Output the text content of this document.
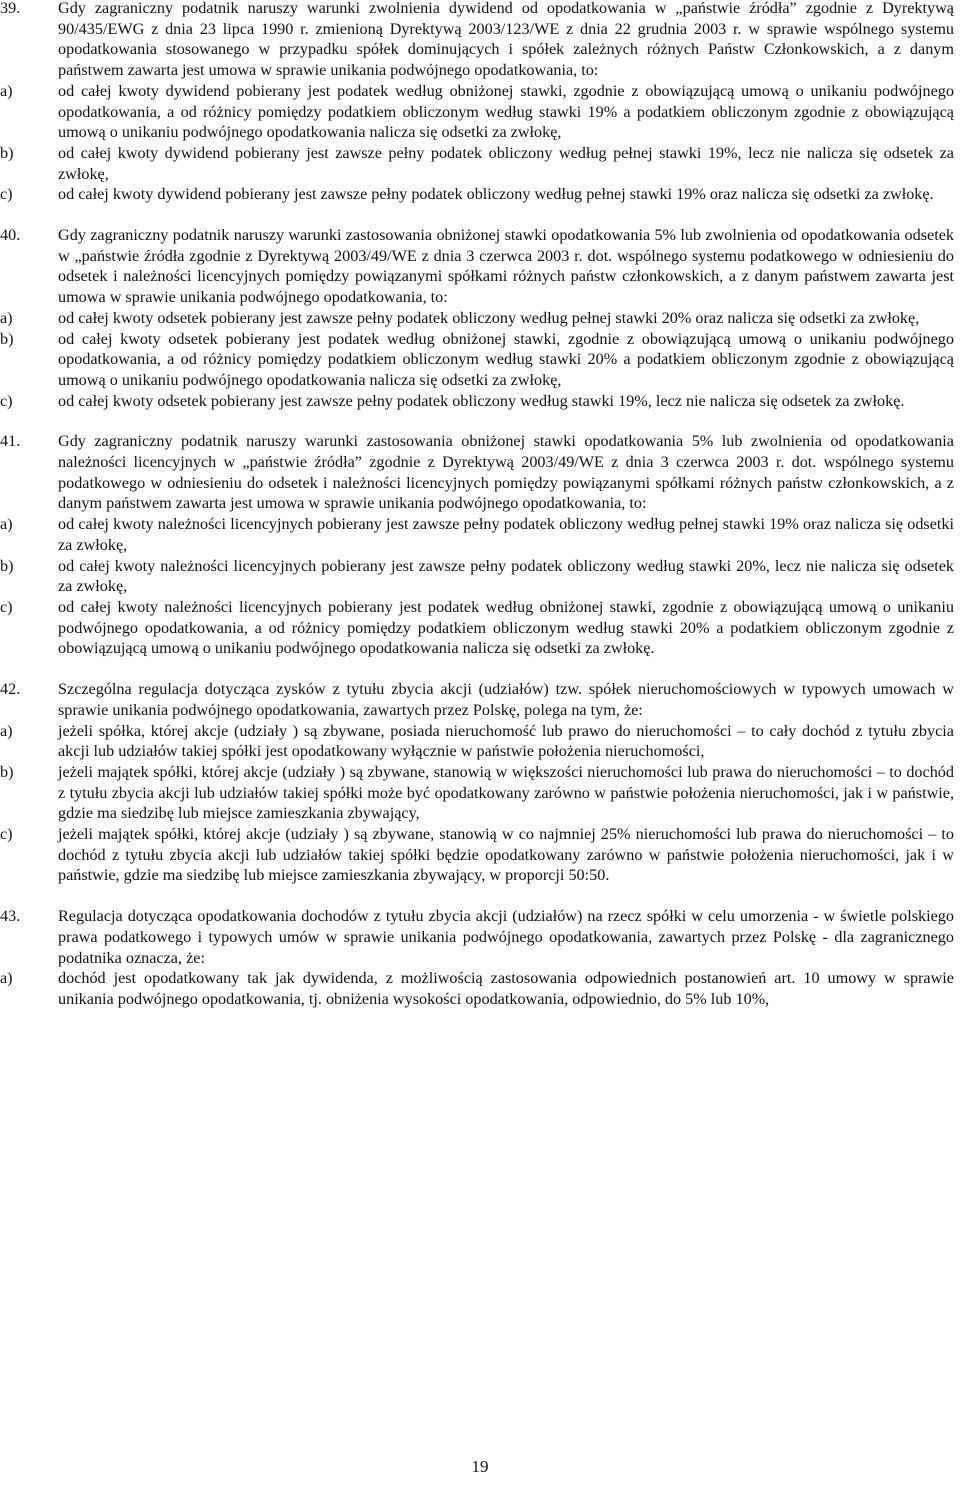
39. Gdy zagraniczny podatnik naruszy warunki zwolnienia dywidend od opodatkowania w „państwie źródła” zgodnie z Dyrektywą 90/435/EWG z dnia 23 lipca 1990 r. zmienioną Dyrektywą 2003/123/WE z dnia 22 grudnia 2003 r. w sprawie wspólnego systemu opodatkowania stosowanego w przypadku spółek dominujących i spółek zależnych różnych Państw Członkowskich, a z danym państwem zawarta jest umowa w sprawie unikania podwójnego opodatkowania, to:
a)	od całej kwoty dywidend pobierany jest podatek według obniżonej stawki, zgodnie z obowiązującą umową o unikaniu podwójnego opodatkowania, a od różnicy pomiędzy podatkiem obliczonym według stawki 19% a podatkiem obliczonym zgodnie z obowiązującą umową o unikaniu podwójnego opodatkowania nalicza się odsetki za zwłokę,
b)	od całej kwoty dywidend pobierany jest zawsze pełny podatek obliczony według pełnej stawki 19%, lecz nie nalicza się odsetek za zwłokę,
c)	od całej kwoty dywidend pobierany jest zawsze pełny podatek obliczony według pełnej stawki 19% oraz nalicza się odsetki za zwłokę.
40. Gdy zagraniczny podatnik naruszy warunki zastosowania obniżonej stawki opodatkowania 5% lub zwolnienia od opodatkowania odsetek w „państwie źródła zgodnie z Dyrektywą 2003/49/WE z dnia 3 czerwca 2003 r. dot. wspólnego systemu podatkowego w odniesieniu do odsetek i należności licencyjnych pomiędzy powiązanymi spółkami różnych państw członkowskich, a z danym państwem zawarta jest umowa w sprawie unikania podwójnego opodatkowania, to:
a)	od całej kwoty odsetek pobierany jest zawsze pełny podatek obliczony według pełnej stawki 20% oraz nalicza się odsetki za zwłokę,
b)	od całej kwoty odsetek pobierany jest podatek według obniżonej stawki, zgodnie z obowiązującą umową o unikaniu podwójnego opodatkowania, a od różnicy pomiędzy podatkiem obliczonym według stawki 20% a podatkiem obliczonym zgodnie z obowiązującą umową o unikaniu podwójnego opodatkowania nalicza się odsetki za zwłokę,
c)	od całej kwoty odsetek pobierany jest zawsze pełny podatek obliczony według stawki 19%, lecz nie nalicza się odsetek za zwłokę.
41. Gdy zagraniczny podatnik naruszy warunki zastosowania obniżonej stawki opodatkowania 5% lub zwolnienia od opodatkowania należności licencyjnych w „państwie źródła” zgodnie z Dyrektywą 2003/49/WE z dnia 3 czerwca 2003 r. dot. wspólnego systemu podatkowego w odniesieniu do odsetek i należności licencyjnych pomiędzy powiązanymi spółkami różnych państw członkowskich, a z danym państwem zawarta jest umowa w sprawie unikania podwójnego opodatkowania, to:
a)	od całej kwoty należności licencyjnych pobierany jest zawsze pełny podatek obliczony według pełnej stawki 19% oraz nalicza się odsetki za zwłokę,
b)	od całej kwoty należności licencyjnych pobierany jest zawsze pełny podatek obliczony według stawki 20%, lecz nie nalicza się odsetek za zwłokę,
c)	od całej kwoty należności licencyjnych pobierany jest podatek według obniżonej stawki, zgodnie z obowiązującą umową o unikaniu podwójnego opodatkowania, a od różnicy pomiędzy podatkiem obliczonym według stawki 20% a podatkiem obliczonym zgodnie z obowiązującą umową o unikaniu podwójnego opodatkowania nalicza się odsetki za zwłokę.
42. Szczególna regulacja dotycząca zysków z tytułu zbycia akcji (udziałów) tzw. spółek nieruchomościowych w typowych umowach w sprawie unikania podwójnego opodatkowania, zawartych przez Polskę, polega na tym, że:
a)	jeżeli spółka, której akcje (udziały ) są zbywane, posiada nieruchomość lub prawo do nieruchomości – to cały dochód z tytułu zbycia akcji lub udziałów takiej spółki jest opodatkowany wyłącznie w państwie położenia nieruchomości,
b)	jeżeli majątek spółki, której akcje (udziały ) są zbywane, stanowią w większości nieruchomości lub prawa do nieruchomości – to dochód z tytułu zbycia akcji lub udziałów takiej spółki może być opodatkowany zarówno w państwie położenia nieruchomości, jak i w państwie, gdzie ma siedzibę lub miejsce zamieszkania zbywający,
c)	jeżeli majątek spółki, której akcje (udziały ) są zbywane, stanowią w co najmniej 25% nieruchomości lub prawa do nieruchomości – to dochód z tytułu zbycia akcji lub udziałów takiej spółki będzie opodatkowany zarówno w państwie położenia nieruchomości, jak i w państwie, gdzie ma siedzibę lub miejsce zamieszkania zbywający, w proporcji 50:50.
43. Regulacja dotycząca opodatkowania dochodów z tytułu zbycia akcji (udziałów) na rzecz spółki w celu umorzenia - w świetle polskiego prawa podatkowego i typowych umów w sprawie unikania podwójnego opodatkowania, zawartych przez Polskę - dla zagranicznego podatnika oznacza, że:
a)	dochód jest opodatkowany tak jak dywidenda, z możliwością zastosowania odpowiednich postanowień art. 10 umowy w sprawie unikania podwójnego opodatkowania, tj. obniżenia wysokości opodatkowania, odpowiednio, do 5% lub 10%,
19
